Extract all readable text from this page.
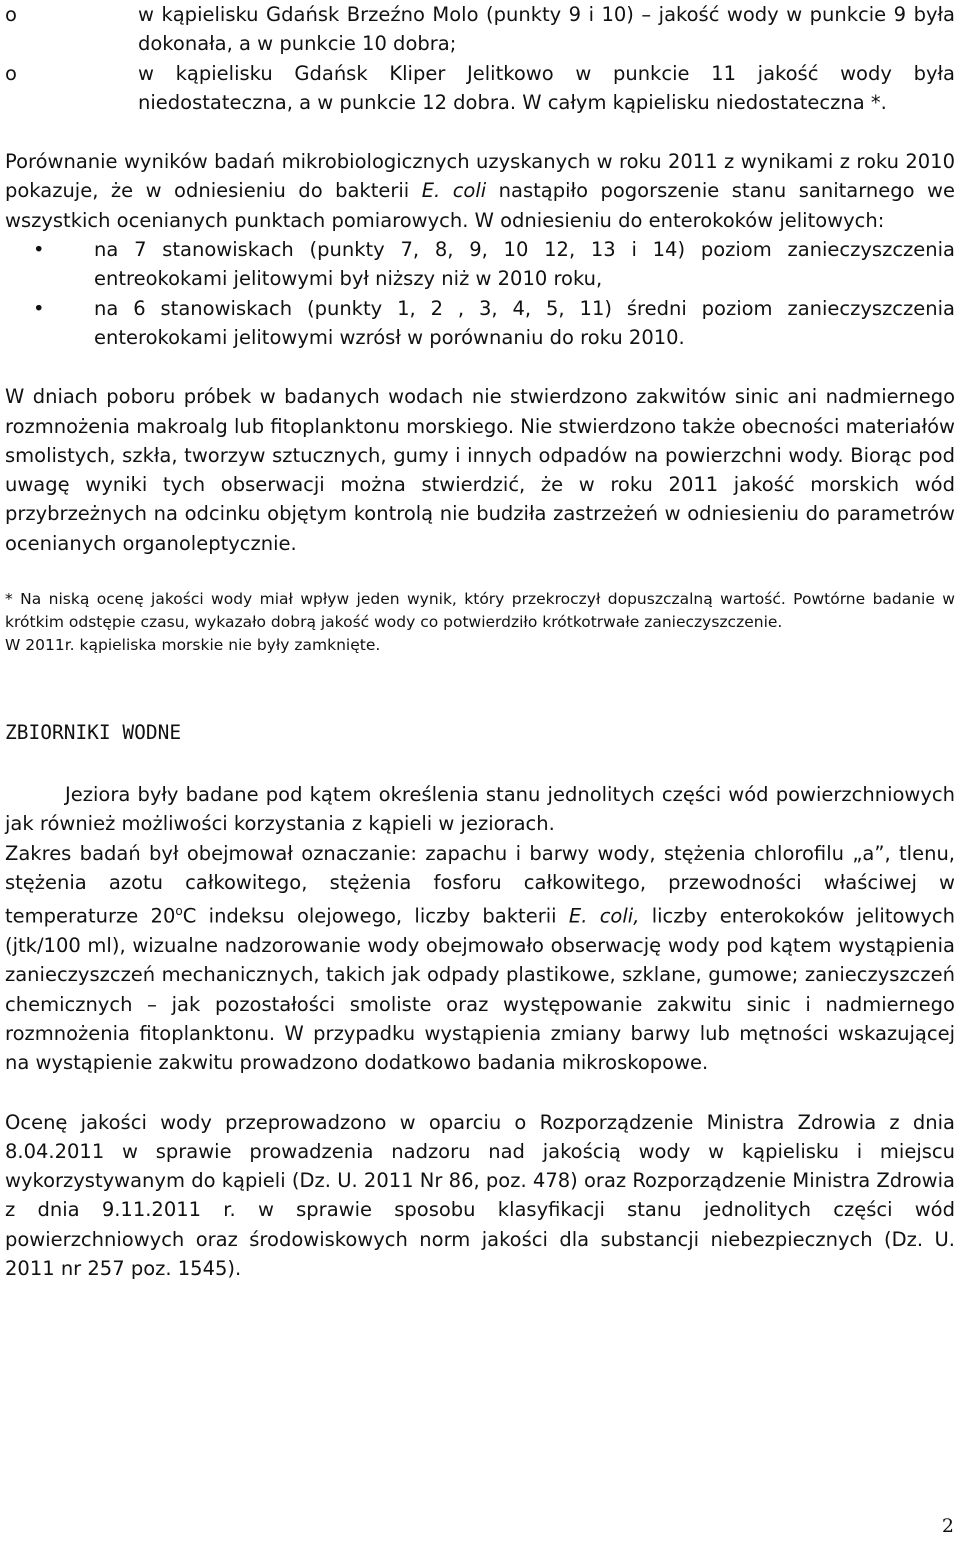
o	w kąpielisku Gdańsk Brzeźno Molo (punkty 9 i 10) – jakość wody w punkcie 9 była dokonała, a w punkcie 10 dobra;
o	w kąpielisku Gdańsk Kliper Jelitkowo w punkcie 11 jakość wody była niedostateczna, a w punkcie 12 dobra. W całym kąpielisku niedostateczna *.

Porównanie wyników badań mikrobiologicznych uzyskanych w roku 2011 z wynikami z roku 2010 pokazuje, że w odniesieniu do bakterii E. coli nastąpiło pogorszenie stanu sanitarnego we wszystkich ocenianych punktach pomiarowych. W odniesieniu do enterokoków jelitowych:

•	na 7 stanowiskach (punkty 7, 8, 9, 10 12, 13 i 14) poziom zanieczyszczenia entreokokami jelitowymi był niższy niż w 2010 roku,
•	na 6 stanowiskach (punkty 1, 2 , 3, 4, 5, 11) średni poziom zanieczyszczenia enterokokami jelitowymi wzrósł w porównaniu do roku 2010.

W dniach poboru próbek w badanych wodach nie stwierdzono zakwitów sinic ani nadmiernego rozmnożenia makroalg lub fitoplanktonu morskiego. Nie stwierdzono także obecności materiałów smolistych, szkła, tworzyw sztucznych, gumy i innych odpadów na powierzchni wody. Biorąc pod uwagę wyniki tych obserwacji można stwierdzić, że w roku 2011 jakość morskich wód przybrzeżnych na odcinku objętym kontrolą nie budziła zastrzeżeń w odniesieniu do parametrów ocenianych organoleptycznie.

* Na niską ocenę jakości wody miał wpływ jeden wynik, który przekroczył dopuszczalną wartość. Powtórne badanie w krótkim odstępie czasu, wykazało dobrą jakość wody co potwierdziło krótkotrwałe zanieczyszczenie.

W 2011r. kąpieliska morskie nie były zamknięte.

ZBIORNIKI WODNE

Jeziora były badane pod kątem określenia stanu jednolitych części wód powierzchniowych jak również możliwości korzystania z kąpieli w jeziorach.

Zakres badań był obejmował oznaczanie: zapachu i barwy wody, stężenia chlorofilu „a”, tlenu, stężenia azotu całkowitego, stężenia fosforu całkowitego, przewodności właściwej w temperaturze 20$^o$C indeksu olejowego, liczby bakterii E. coli, liczby enterokoków jelitowych (jtk/100 ml), wizualne nadzorowanie wody obejmowało obserwację wody pod kątem wystąpienia zanieczyszczeń mechanicznych, takich jak odpady plastikowe, szklane, gumowe; zanieczyszczeń chemicznych – jak pozostałości smoliste oraz występowanie zakwitu sinic i nadmiernego rozmnożenia fitoplanktonu. W przypadku wystąpienia zmiany barwy lub mętności wskazującej na wystąpienie zakwitu prowadzono dodatkowo badania mikroskopowe.

Ocenę jakości wody przeprowadzono w oparciu o Rozporządzenie Ministra Zdrowia z dnia 8.04.2011 w sprawie prowadzenia nadzoru nad jakością wody w kąpielisku i miejscu wykorzystywanym do kąpieli (Dz. U. 2011 Nr 86, poz. 478) oraz Rozporządzenie Ministra Zdrowia z dnia 9.11.2011 r. w sprawie sposobu klasyfikacji stanu jednolitych części wód powierzchniowych oraz środowiskowych norm jakości dla substancji niebezpiecznych (Dz. U. 2011 nr 257 poz. 1545).

2
